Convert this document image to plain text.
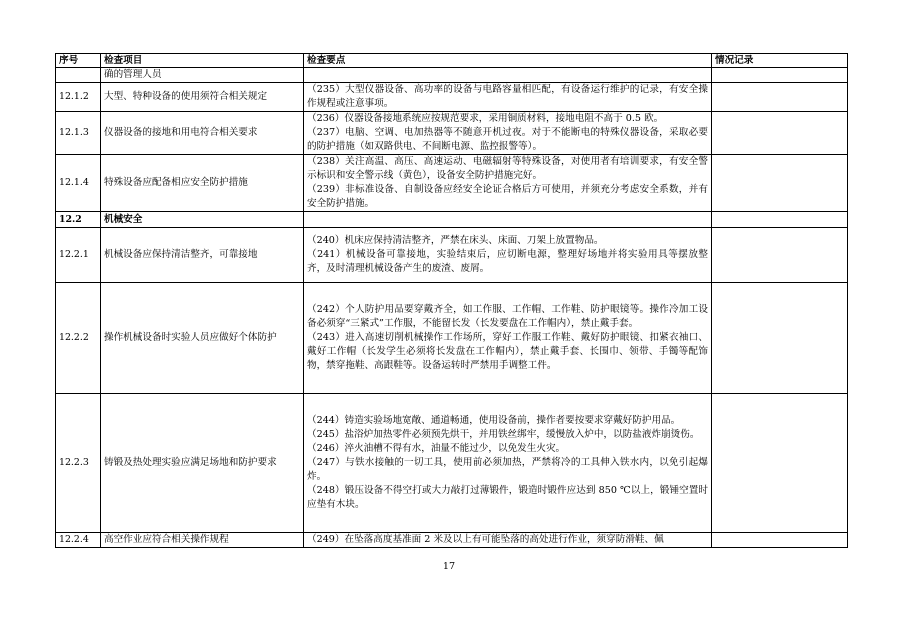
序号	检查项目	检查要点	情况记录
	确的管理人员		
12.1.2	大型、特种设备的使用须符合相关规定	（235）大型仪器设备、高功率的设备与电路容量相匹配，有设备运行维护的记录，有安全操作规程或注意事项。	

12.1.3	仪器设备的接地和用电符合相关要求	（236）仪器设备接地系统应按规范要求，采用铜质材料，接地电阻不高于 0.5 欧。
（237）电脑、空调、电加热器等不随意开机过夜。对于不能断电的特殊仪器设备，采取必要的防护措施（如双路供电、不间断电源、监控报警等）。	

12.1.4	特殊设备应配备相应安全防护措施	（238）关注高温、高压、高速运动、电磁辐射等特殊设备，对使用者有培训要求，有安全警示标识和安全警示线（黄色），设备安全防护措施完好。
（239）非标准设备、自制设备应经安全论证合格后方可使用，并须充分考虑安全系数，并有安全防护措施。	

12.2	机械安全		
12.2.1	机械设备应保持清洁整齐，可靠接地	（240）机床应保持清洁整齐，严禁在床头、床面、刀架上放置物品。
（241）机械设备可靠接地，实验结束后，应切断电源，整理好场地并将实验用具等摆放整齐，及时清理机械设备产生的废渣、废屑。	

12.2.2	操作机械设备时实验人员应做好个体防护	（242）个人防护用品要穿戴齐全，如工作服、工作帽、工作鞋、防护眼镜等。操作冷加工设备必须穿“三紧式”工作服，不能留长发（长发要盘在工作帽内），禁止戴手套。
（243）进入高速切削机械操作工作场所，穿好工作服工作鞋、戴好防护眼镜、扣紧衣袖口、戴好工作帽（长发学生必须将长发盘在工作帽内），禁止戴手套、长围巾、领带、手镯等配饰物，禁穿拖鞋、高跟鞋等。设备运转时严禁用手调整工件。	

12.2.3	铸锻及热处理实验应满足场地和防护要求	（244）铸造实验场地宽敞、通道畅通，使用设备前，操作者要按要求穿戴好防护用品。
（245）盐浴炉加热零件必须预先烘干，并用铁丝绑牢，缓慢放入炉中，以防盐液炸崩烫伤。
（246）淬火油槽不得有水，油量不能过少，以免发生火灾。
（247）与铁水接触的一切工具，使用前必须加热，严禁将冷的工具伸入铁水内，以免引起爆炸。
（248）锻压设备不得空打或大力敲打过薄锻件，锻造时锻件应达到 850 ℃以上，锻锤空置时应垫有木块。	

12.2.4	高空作业应符合相关操作规程	（249）在坠落高度基准面 2 米及以上有可能坠落的高处进行作业，须穿防滑鞋、佩	

17
